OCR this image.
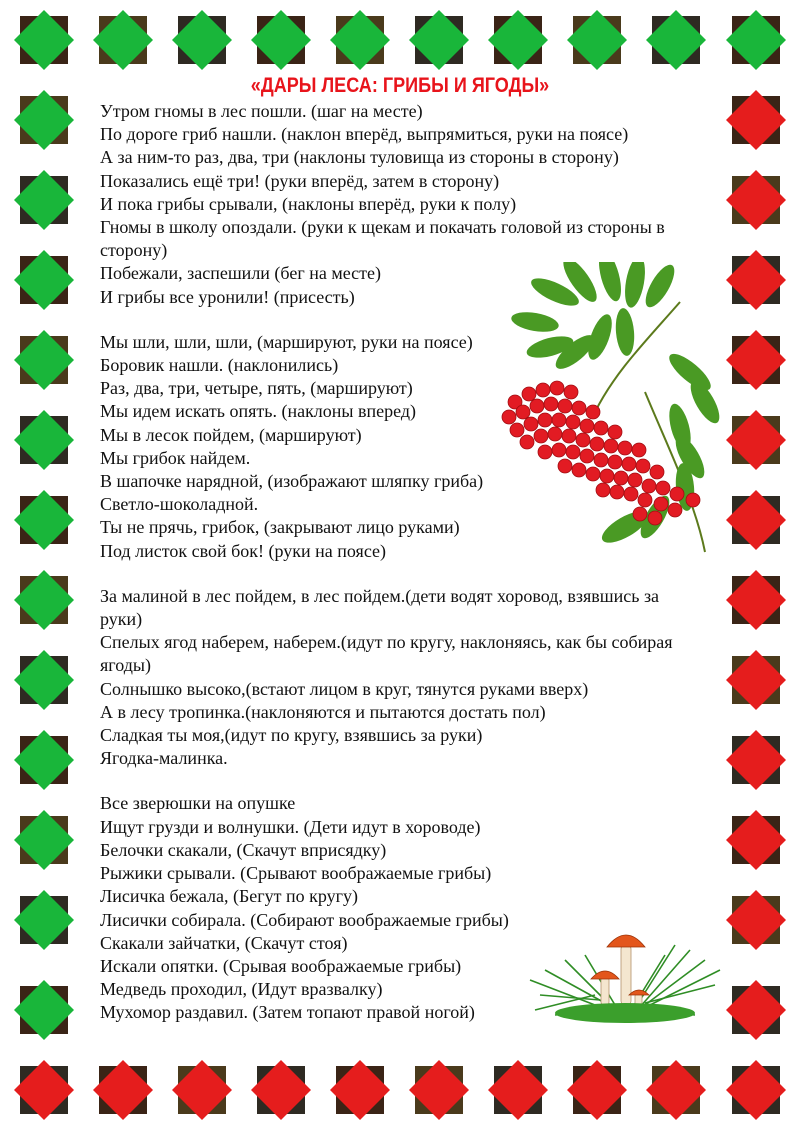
«ДАРЫ ЛЕСА: ГРИБЫ И ЯГОДЫ»
Утром гномы в лес пошли. (шаг на месте)
По дороге гриб нашли. (наклон вперёд, выпрямиться, руки на поясе)
А за ним-то раз, два, три (наклоны туловища из стороны в сторону)
Показались ещё три! (руки вперёд, затем в сторону)
И пока грибы срывали, (наклоны вперёд, руки к полу)
Гномы в школу опоздали. (руки к щекам и покачать головой из стороны в сторону)
Побежали, заспешили (бег на месте)
И грибы все уронили! (присесть)
Мы шли, шли, шли, (маршируют, руки на поясе)
Боровик нашли. (наклонились)
Раз, два, три, четыре, пять, (маршируют)
Мы идем искать опять. (наклоны вперед)
Мы в лесок пойдем, (маршируют)
Мы грибок найдем.
В шапочке нарядной, (изображают шляпку гриба)
Светло-шоколадной.
Ты не прячь, грибок, (закрывают лицо руками)
Под листок свой бок! (руки на поясе)
За малиной в лес пойдем, в лес пойдем.(дети водят хоровод, взявшись за руки)
Спелых ягод наберем, наберем.(идут по кругу, наклоняясь, как бы собирая ягоды)
Солнышко высоко,(встают лицом в круг, тянутся руками вверх)
А в лесу тропинка.(наклоняются и пытаются достать пол)
Сладкая ты моя,(идут по кругу, взявшись за руки)
Ягодка-малинка.
Все зверюшки на опушке
Ищут грузди и волнушки. (Дети идут в хороводе)
Белочки скакали, (Скачут вприсядку)
Рыжики срывали. (Срывают воображаемые грибы)
Лисичка бежала, (Бегут по кругу)
Лисички собирала. (Собирают воображаемые грибы)
Скакали зайчатки, (Скачут стоя)
Искали опятки. (Срывая воображаемые грибы)
Медведь проходил, (Идут вразвалку)
Мухомор раздавил. (Затем топают правой ногой)
